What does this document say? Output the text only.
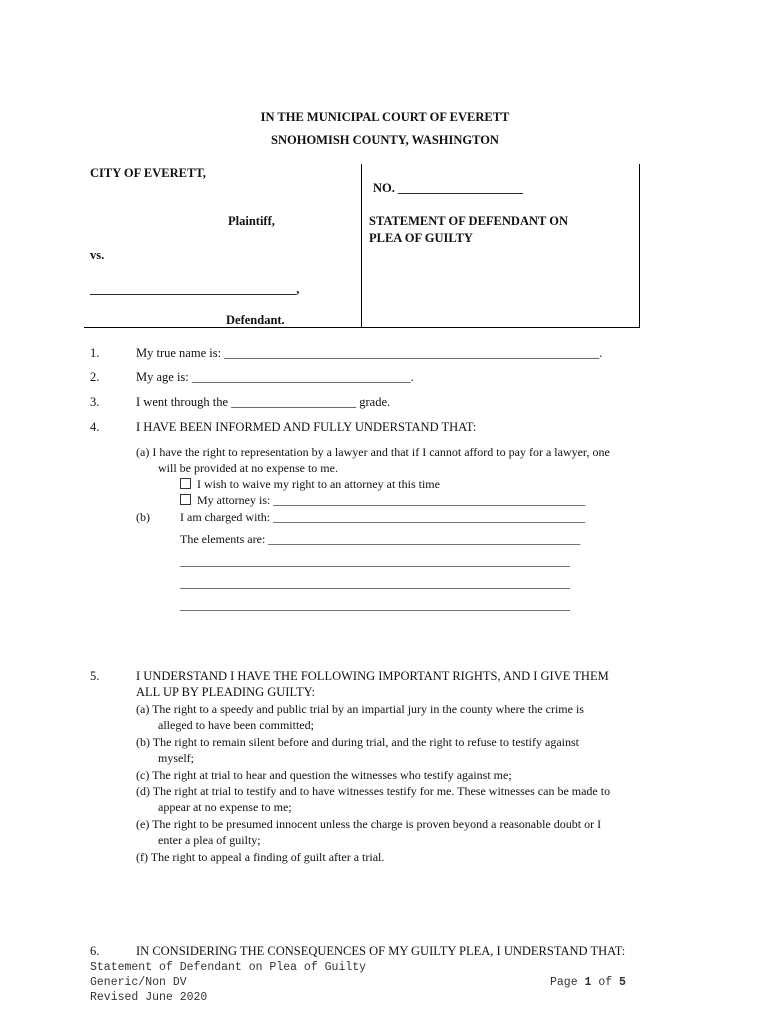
IN THE MUNICIPAL COURT OF EVERETT
SNOHOMISH COUNTY, WASHINGTON
CITY OF EVERETT,
Plaintiff,
vs.
_________________________________,
Defendant.
NO. ____________________
STATEMENT OF DEFENDANT ON
PLEA OF GUILTY
1.	My true name is: ____________________________________________________________.
2.	My age is: ___________________________________.
3.	I went through the ____________________ grade.
4.	I HAVE BEEN INFORMED AND FULLY UNDERSTAND THAT:
(a) I have the right to representation by a lawyer and that if I cannot afford to pay for a lawyer, one
will be provided at no expense to me.
I wish to waive my right to an attorney at this time
My attorney is: ____________________________________________________
(b)	I am charged with: ____________________________________________________
The elements are: ____________________________________________________
_________________________________________________________________
_________________________________________________________________
_________________________________________________________________
5.	I UNDERSTAND I HAVE THE FOLLOWING IMPORTANT RIGHTS, AND I GIVE THEM
ALL UP BY PLEADING GUILTY:
(a) The right to a speedy and public trial by an impartial jury in the county where the crime is
alleged to have been committed;
(b) The right to remain silent before and during trial, and the right to refuse to testify against
myself;
(c) The right at trial to hear and question the witnesses who testify against me;
(d) The right at trial to testify and to have witnesses testify for me. These witnesses can be made to
appear at no expense to me;
(e) The right to be presumed innocent unless the charge is proven beyond a reasonable doubt or I
enter a plea of guilty;
(f) The right to appeal a finding of guilt after a trial.
6.	IN CONSIDERING THE CONSEQUENCES OF MY GUILTY PLEA, I UNDERSTAND THAT:
Statement of Defendant on Plea of Guilty
Generic/Non DV
Revised June 2020
Page 1 of 5
